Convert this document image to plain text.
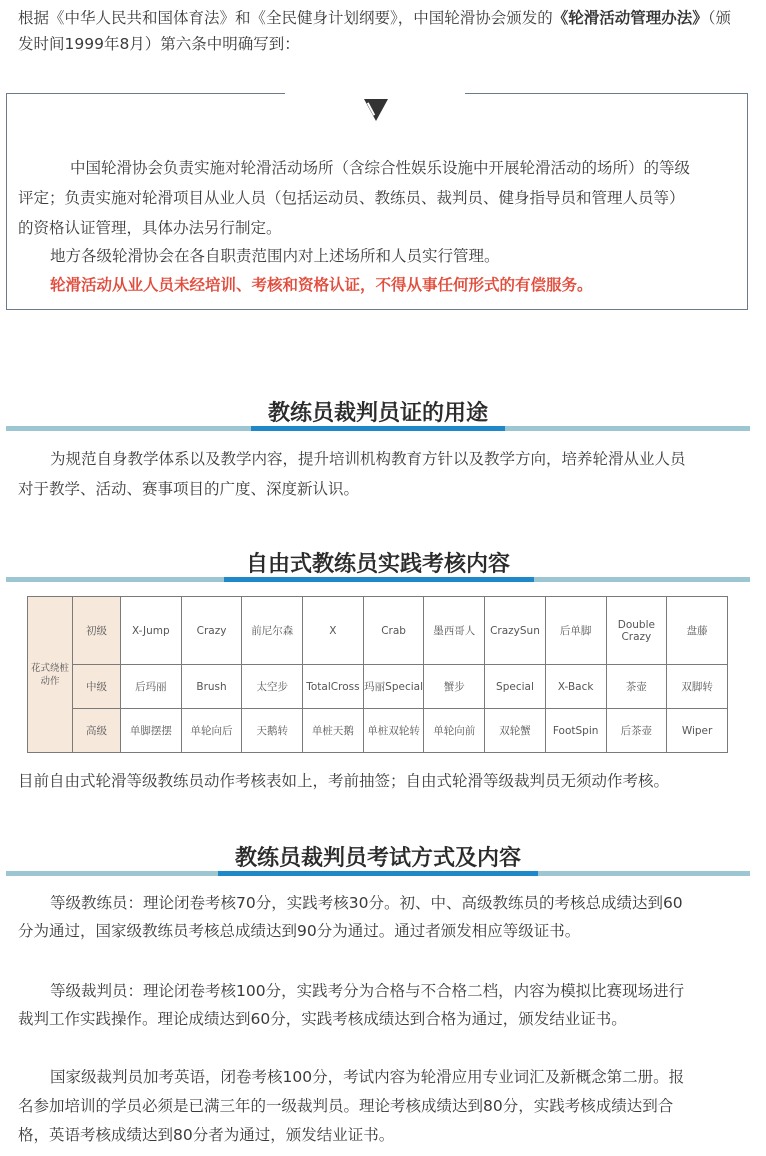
根据《中华人民共和国体育法》和《全民健身计划纲要》，中国轮滑协会颁发的《轮滑活动管理办法》（颁发时间1999年8月）第六条中明确写到：

中国轮滑协会负责实施对轮滑活动场所（含综合性娱乐设施中开展轮滑活动的场所）的等级

评定；负责实施对轮滑项目从业人员（包括运动员、教练员、裁判员、健身指导员和管理人员等）

的资格认证管理，具体办法另行制定。

地方各级轮滑协会在各自职责范围内对上述场所和人员实行管理。

轮滑活动从业人员未经培训、考核和资格认证，不得从事任何形式的有偿服务。

教练员裁判员证的用途

为规范自身教学体系以及教学内容，提升培训机构教育方针以及教学方向，培养轮滑从业人员

对于教学、活动、赛事项目的广度、深度新认识。

自由式教练员实践考核内容
花式绕桩动作	初级	X-Jump	Crazy	前尼尔森	X	Crab	墨西哥人	CrazySun	后单脚	Double Crazy	盘藤
	中级	后玛丽	Brush	太空步	TotalCross	玛丽Special	蟹步	Special	X-Back	茶壶	双脚转
	高级	单脚摆摆	单轮向后	天鹅转	单桩天鹅	单桩双轮转	单轮向前	双轮蟹	FootSpin	后茶壶	Wiper

目前自由式轮滑等级教练员动作考核表如上，考前抽签；自由式轮滑等级裁判员无须动作考核。

教练员裁判员考试方式及内容

等级教练员：理论闭卷考核70分，实践考核30分。初、中、高级教练员的考核总成绩达到60

分为通过，国家级教练员考核总成绩达到90分为通过。通过者颁发相应等级证书。

等级裁判员：理论闭卷考核100分，实践考分为合格与不合格二档，内容为模拟比赛现场进行

裁判工作实践操作。理论成绩达到60分，实践考核成绩达到合格为通过，颁发结业证书。

国家级裁判员加考英语，闭卷考核100分，考试内容为轮滑应用专业词汇及新概念第二册。报

名参加培训的学员必须是已满三年的一级裁判员。理论考核成绩达到80分，实践考核成绩达到合

格，英语考核成绩达到80分者为通过，颁发结业证书。
